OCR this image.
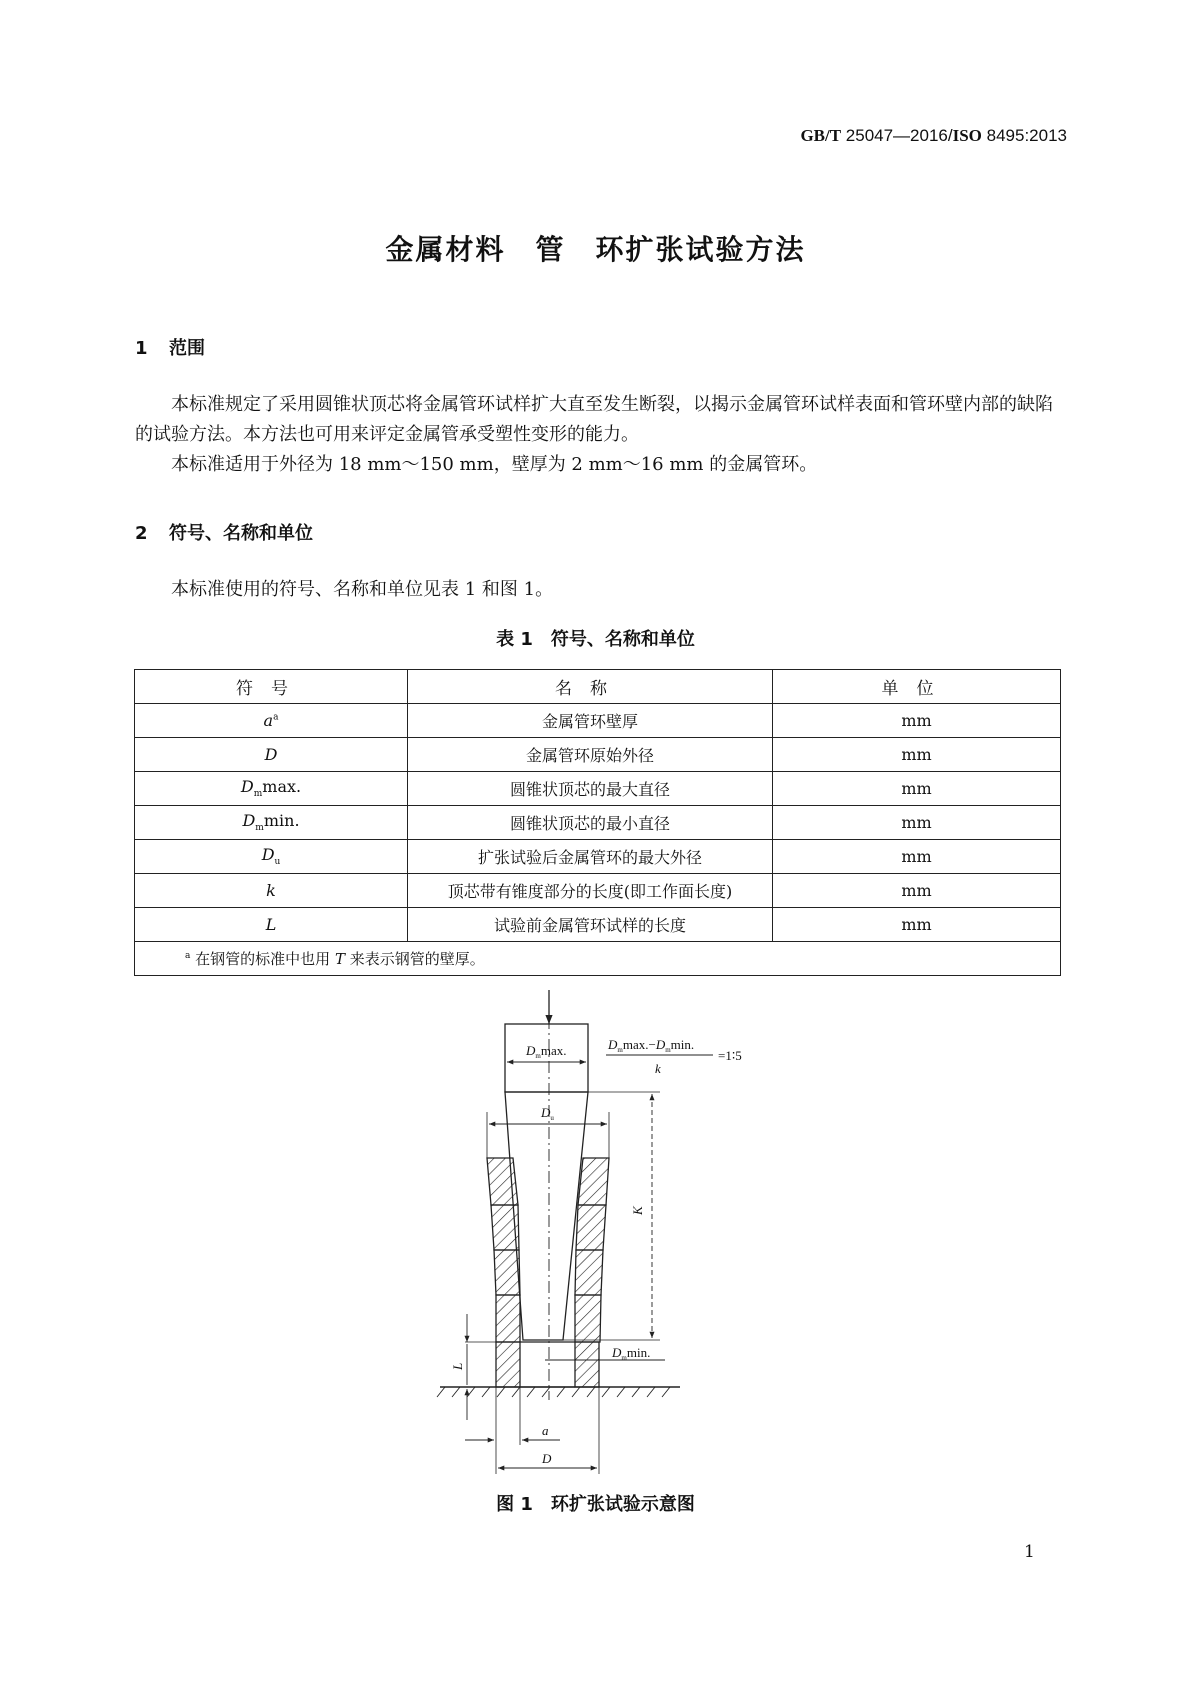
GB/T 25047—2016/ISO 8495:2013
金属材料　管　环扩张试验方法
1 范围

本标准规定了采用圆锥状顶芯将金属管环试样扩大直至发生断裂，以揭示金属管环试样表面和管环壁内部的缺陷的试验方法。本方法也可用来评定金属管承受塑性变形的能力。

本标准适用于外径为 18 mm～150 mm，壁厚为 2 mm～16 mm 的金属管环。

2 符号、名称和单位

本标准使用的符号、名称和单位见表 1 和图 1。

表 1　符号、名称和单位
符号	名称	单位
$a^a$	金属管环壁厚	mm
D	金属管环原始外径	mm
$D_m\max$.	圆锥状顶芯的最大直径	mm
$D_m\min$.	圆锥状顶芯的最小直径	mm
$D_u$	扩张试验后金属管环的最大外径	mm
k	顶芯带有锥度部分的长度(即工作面长度)	mm
L	试验前金属管环试样的长度	mm
$^a$ 在钢管的标准中也用 T 来表示钢管的壁厚。		
$D_m\max$.	$D_m\max.-D_m\min$.
k
=1∶5
$D_u$
K
$D_m\min$.
L
a
D
图 1　环扩张试验示意图
1
